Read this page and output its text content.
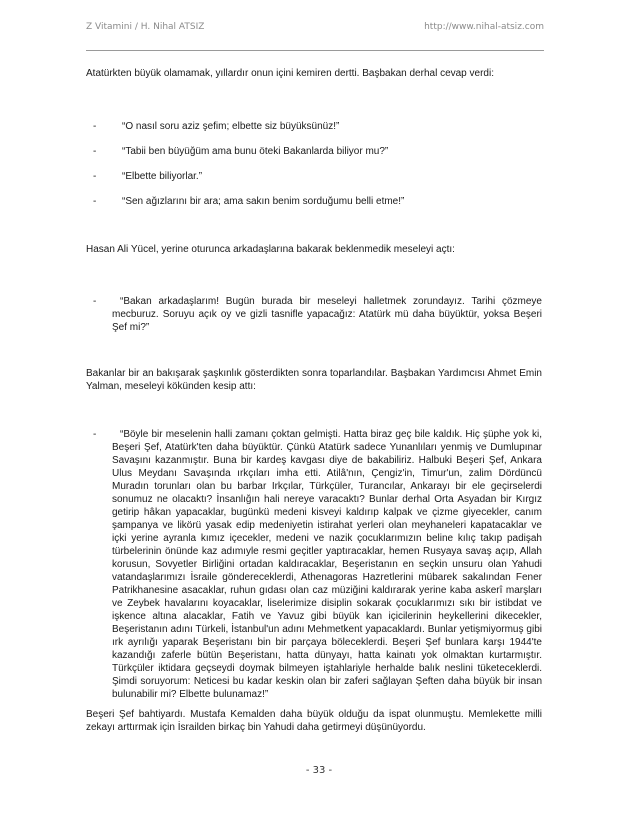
Z Vitamini / H. Nihal ATSIZ	http://www.nihal-atsiz.com

Atatürkten büyük olamamak, yıllardır onun içini kemiren dertti. Başbakan derhal cevap verdi:

-	“O nasıl soru aziz şefim; elbette siz büyüksünüz!”
-	“Tabii ben büyüğüm ama bunu öteki Bakanlarda biliyor mu?”
-	“Elbette biliyorlar.”
-	“Sen ağızlarını bir ara; ama sakın benim sorduğumu belli etme!”

Hasan Ali Yücel, yerine oturunca arkadaşlarına bakarak beklenmedik meseleyi açtı:

-	“Bakan arkadaşlarım! Bugün burada bir meseleyi halletmek zorundayız. Tarihi çözmeye mecburuz. Soruyu açık oy ve gizli tasnifle yapacağız: Atatürk mü daha büyüktür, yoksa Beşeri Şef mi?”

Bakanlar bir an bakışarak şaşkınlık gösterdikten sonra toparlandılar. Başbakan Yardımcısı Ahmet Emin Yalman, meseleyi kökünden kesip attı:

-	“Böyle bir meselenin halli zamanı çoktan gelmişti. Hatta biraz geç bile kaldık. Hiç şüphe yok ki, Beşeri Şef, Atatürk'ten daha büyüktür. Çünkü Atatürk sadece Yunanlıları yenmiş ve Dumlupınar Savaşını kazanmıştır. Buna bir kardeş kavgası diye de bakabiliriz. Halbuki Beşeri Şef, Ankara Ulus Meydanı Savaşında ırkçıları imha etti. Atilâ'nın, Çengiz'in, Timur'un, zalim Dördüncü Muradın torunları olan bu barbar Irkçılar, Türkçüler, Turancılar, Ankarayı bir ele geçirselerdi sonumuz ne olacaktı? İnsanlığın hali nereye varacaktı? Bunlar derhal Orta Asyadan bir Kırgız getirip hâkan yapacaklar, bugünkü medeni kisveyi kaldırıp kalpak ve çizme giyecekler, canım şampanya ve likörü yasak edip medeniyetin istirahat yerleri olan meyhaneleri kapatacaklar ve içki yerine ayranla kımız içecekler, medeni ve nazik çocuklarımızın beline kılıç takıp padişah türbelerinin önünde kaz adımıyle resmi geçitler yaptıracaklar, hemen Rusyaya savaş açıp, Allah korusun, Sovyetler Birliğini ortadan kaldıracaklar, Beşeristanın en seçkin unsuru olan Yahudi vatandaşlarımızı İsraile göndereceklerdi, Athenagoras Hazretlerini mübarek sakalından Fener Patrikhanesine asacaklar, ruhun gıdası olan caz müziğini kaldırarak yerine kaba askerî marşları ve Zeybek havalarını koyacaklar, liselerimize disiplin sokarak çocuklarımızı sıkı bir istibdat ve işkence altına alacaklar, Fatih ve Yavuz gibi büyük kan içicilerinin heykellerini dikecekler, Beşeristanın adını Türkeli, İstanbul'un adını Mehmetkent yapacaklardı. Bunlar yetişmiyormuş gibi ırk ayrılığı yaparak Beşeristanı bin bir parçaya böleceklerdi. Beşeri Şef bunlara karşı 1944'te kazandığı zaferle bütün Beşeristanı, hatta dünyayı, hatta kainatı yok olmaktan kurtarmıştır. Türkçüler iktidara geçseydi doymak bilmeyen iştahlariyle herhalde balık neslini tüketeceklerdi. Şimdi soruyorum: Neticesi bu kadar keskin olan bir zaferi sağlayan Şeften daha büyük bir insan bulunabilir mi? Elbette bulunamaz!”

Beşeri Şef bahtiyardı. Mustafa Kemalden daha büyük olduğu da ispat olunmuştu. Memlekette milli zekayı arttırmak için İsrailden birkaç bin Yahudi daha getirmeyi düşünüyordu.

- 33 -
